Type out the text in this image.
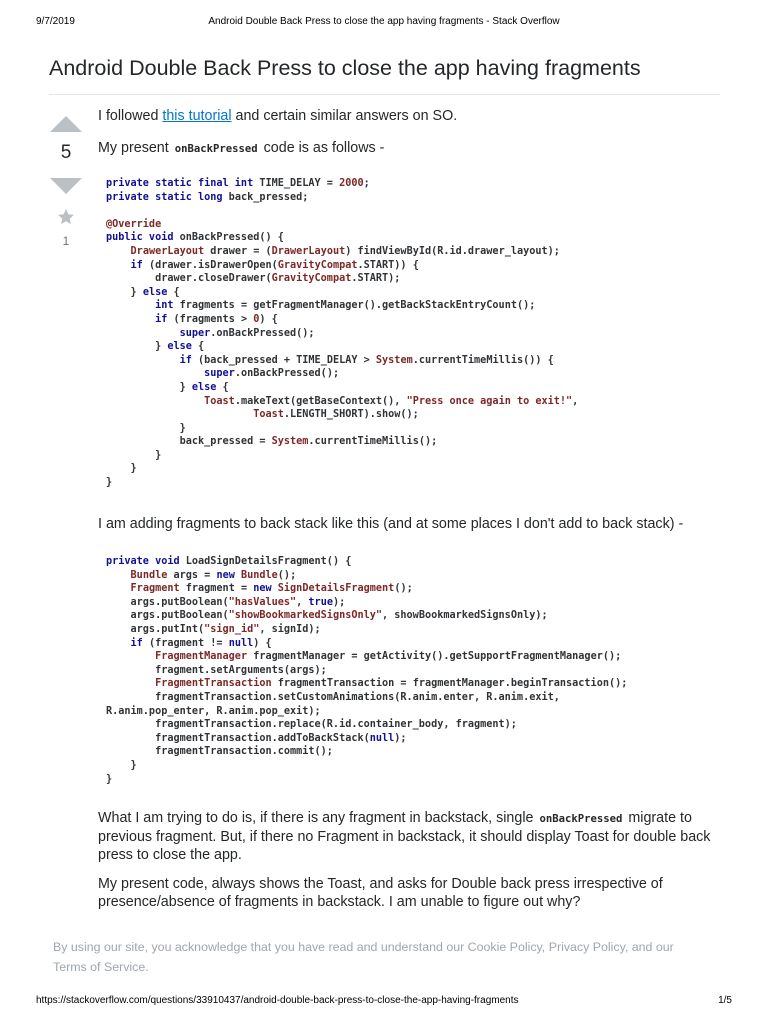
9/7/2019	Android Double Back Press to close the app having fragments - Stack Overflow
Android Double Back Press to close the app having fragments
5
1

I followed this tutorial and certain similar answers on SO.

My present onBackPressed code is as follows -

private static final int TIME_DELAY = 2000;
private static long back_pressed;

@Override
public void onBackPressed() {
DrawerLayout drawer = (DrawerLayout) findViewById(R.id.drawer_layout);
if (drawer.isDrawerOpen(GravityCompat.START)) {
drawer.closeDrawer(GravityCompat.START);
} else {
int fragments = getFragmentManager().getBackStackEntryCount();
if (fragments > 0) {
super.onBackPressed();
} else {
if (back_pressed + TIME_DELAY > System.currentTimeMillis()) {
super.onBackPressed();
} else {
Toast.makeText(getBaseContext(), "Press once again to exit!",
Toast.LENGTH_SHORT).show();
}
back_pressed = System.currentTimeMillis();
}
}
}

I am adding fragments to back stack like this (and at some places I don't add to back stack) -

private void LoadSignDetailsFragment() {
Bundle args = new Bundle();
Fragment fragment = new SignDetailsFragment();
args.putBoolean("hasValues", true);
args.putBoolean("showBookmarkedSignsOnly", showBookmarkedSignsOnly);
args.putInt("sign_id", signId);
if (fragment != null) {
FragmentManager fragmentManager = getActivity().getSupportFragmentManager();
fragment.setArguments(args);
FragmentTransaction fragmentTransaction = fragmentManager.beginTransaction();
fragmentTransaction.setCustomAnimations(R.anim.enter, R.anim.exit,
R.anim.pop_enter, R.anim.pop_exit);
fragmentTransaction.replace(R.id.container_body, fragment);
fragmentTransaction.addToBackStack(null);
fragmentTransaction.commit();
}
}

What I am trying to do is, if there is any fragment in backstack, single onBackPressed migrate to previous fragment. But, if there no Fragment in backstack, it should display Toast for double back press to close the app.

My present code, always shows the Toast, and asks for Double back press irrespective of presence/absence of fragments in backstack. I am unable to figure out why?

By using our site, you acknowledge that you have read and understand our Cookie Policy, Privacy Policy, and our Terms of Service.

https://stackoverflow.com/questions/33910437/android-double-back-press-to-close-the-app-having-fragments	1/5
